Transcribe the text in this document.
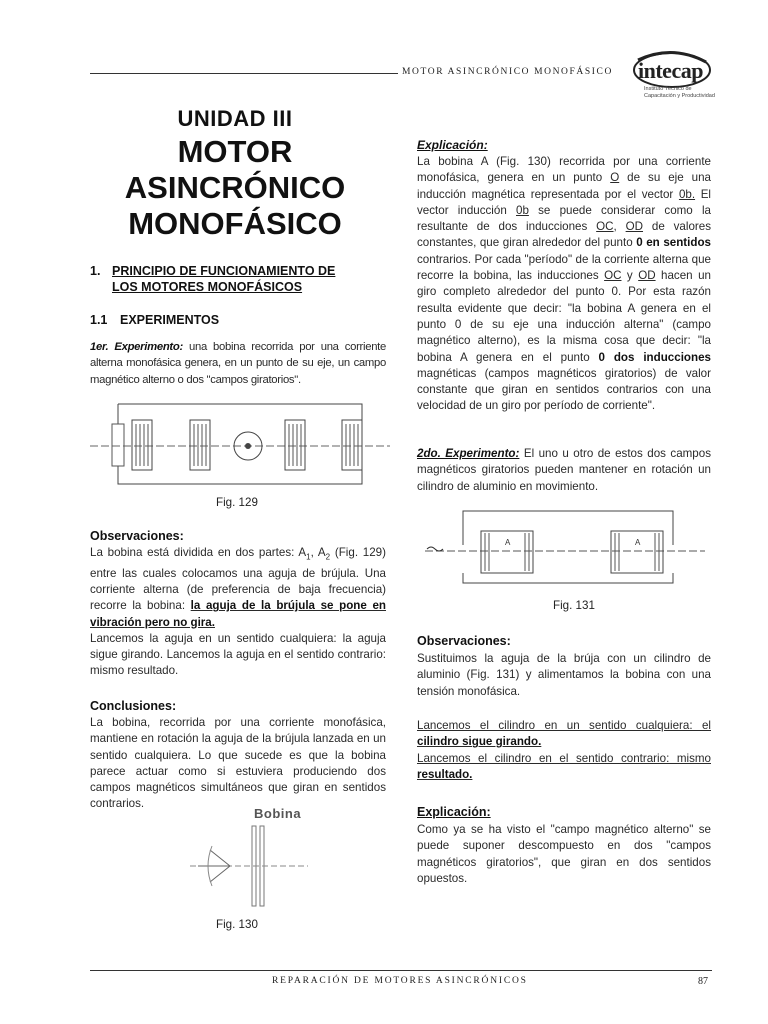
MOTOR ASINCRÓNICO MONOFÁSICO intecap
Instituto Técnico de
Capacitación y Productividad
UNIDAD III
MOTOR
ASINCRÓNICO
MONOFÁSICO
1. PRINCIPIO DE FUNCIONAMIENTO DE
LOS MOTORES MONOFÁSICOS
1.1 EXPERIMENTOS
1er. Experimento: una bobina recorrida por una corriente alterna monofásica genera, en un punto de su eje, un campo magnético alterno o dos "campos giratorios".
Fig. 129
Observaciones:
La bobina está dividida en dos partes: $A_1$, $A_2$ (Fig. 129) entre las cuales colocamos una aguja de brújula. Una corriente alterna (de preferencia de baja frecuencia) recorre la bobina: la aguja de la brújula se pone en vibración pero no gira.
Lancemos la aguja en un sentido cualquiera: la aguja sigue girando. Lancemos la aguja en el sentido contrario: mismo resultado.
Conclusiones:
La bobina, recorrida por una corriente monofásica, mantiene en rotación la aguja de la brújula lanzada en un sentido cualquiera. Lo que sucede es que la bobina parece actuar como si estuviera produciendo dos campos magnéticos simultáneos que giran en sentidos contrarios.
Bobina
Fig. 130
Explicación:
La bobina A (Fig. 130) recorrida por una corriente monofásica, genera en un punto O de su eje una inducción magnética representada por el vector 0b. El vector inducción 0b se puede considerar como la resultante de dos inducciones OC, OD de valores constantes, que giran alrededor del punto 0 en sentidos contrarios. Por cada "período" de la corriente alterna que recorre la bobina, las inducciones OC y OD hacen un giro completo alrededor del punto 0. Por esta razón resulta evidente que decir: "la bobina A genera en el punto 0 de su eje una inducción alterna" (campo magnético alterno), es la misma cosa que decir: "la bobina A genera en el punto 0 dos inducciones magnéticas (campos magnéticos giratorios) de valor constante que giran en sentidos contrarios con una velocidad de un giro por período de corriente".
2do. Experimento: El uno u otro de estos dos campos magnéticos giratorios pueden mantener en rotación un cilindro de aluminio en movimiento.
A	A
Fig. 131
Observaciones:
Sustituimos la aguja de la brúja con un cilindro de aluminio (Fig. 131) y alimentamos la bobina con una tensión monofásica.
Lancemos el cilindro en un sentido cualquiera: el cilindro sigue girando.
Lancemos el cilindro en el sentido contrario: mismo resultado.
Explicación:
Como ya se ha visto el "campo magnético alterno" se puede suponer descompuesto en dos "campos magnéticos giratorios", que giran en dos sentidos opuestos.
REPARACIÓN DE MOTORES ASINCRÓNICOS	87
